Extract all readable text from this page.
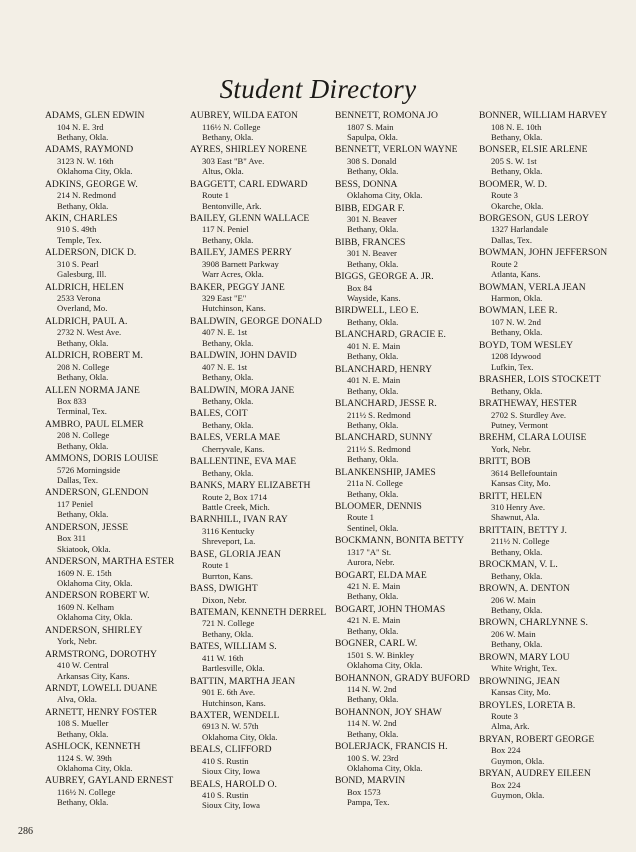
Student Directory
ADAMS, GLEN EDWIN
104 N. E. 3rd
Bethany, Okla.
ADAMS, RAYMOND
3123 N. W. 16th
Oklahoma City, Okla.
ADKINS, GEORGE W.
214 N. Redmond
Bethany, Okla.
AKIN, CHARLES
910 S. 49th
Temple, Tex.
ALDERSON, DICK D.
310 S. Pearl
Galesburg, Ill.
ALDRICH, HELEN
2533 Verona
Overland, Mo.
ALDRICH, PAUL A.
2732 N. West Ave.
Bethany, Okla.
ALDRICH, ROBERT M.
208 N. College
Bethany, Okla.
ALLEN NORMA JANE
Box 833
Terminal, Tex.
AMBRO, PAUL ELMER
208 N. College
Bethany, Okla.
AMMONS, DORIS LOUISE
5726 Morningside
Dallas, Tex.
ANDERSON, GLENDON
117 Peniel
Bethany, Okla.
ANDERSON, JESSE
Box 311
Skiatook, Okla.
ANDERSON, MARTHA ESTER
1609 N. E. 15th
Oklahoma City, Okla.
ANDERSON ROBERT W.
1609 N. Kelham
Oklahoma City, Okla.
ANDERSON, SHIRLEY
York, Nebr.
ARMSTRONG, DOROTHY
410 W. Central
Arkansas City, Kans.
ARNDT, LOWELL DUANE
Alva, Okla.
ARNETT, HENRY FOSTER
108 S. Mueller
Bethany, Okla.
ASHLOCK, KENNETH
1124 S. W. 39th
Oklahoma City, Okla.
AUBREY, GAYLAND ERNEST
116½ N. College
Bethany, Okla.
AUBREY, WILDA EATON
116½ N. College
Bethany, Okla.
AYRES, SHIRLEY NORENE
303 East "B" Ave.
Altus, Okla.
BAGGETT, CARL EDWARD
Route 1
Bentonville, Ark.
BAILEY, GLENN WALLACE
117 N. Peniel
Bethany, Okla.
BAILEY, JAMES PERRY
3908 Barnett Parkway
Warr Acres, Okla.
BAKER, PEGGY JANE
329 East "E"
Hutchinson, Kans.
BALDWIN, GEORGE DONALD
407 N. E. 1st
Bethany, Okla.
BALDWIN, JOHN DAVID
407 N. E. 1st
Bethany, Okla.
BALDWIN, MORA JANE
Bethany, Okla.
BALES, COIT
Bethany, Okla.
BALES, VERLA MAE
Cherryvale, Kans.
BALLENTINE, EVA MAE
Bethany, Okla.
BANKS, MARY ELIZABETH
Route 2, Box 1714
Battle Creek, Mich.
BARNHILL, IVAN RAY
3116 Kentucky
Shreveport, La.
BASE, GLORIA JEAN
Route 1
Burrton, Kans.
BASS, DWIGHT
Dixon, Nebr.
BATEMAN, KENNETH DERREL
721 N. College
Bethany, Okla.
BATES, WILLIAM S.
411 W. 16th
Bartlesville, Okla.
BATTIN, MARTHA JEAN
901 E. 6th Ave.
Hutchinson, Kans.
BAXTER, WENDELL
6913 N. W. 57th
Oklahoma City, Okla.
BEALS, CLIFFORD
410 S. Rustin
Sioux City, Iowa
BEALS, HAROLD O.
410 S. Rustin
Sioux City, Iowa
BENNETT, ROMONA JO
1807 S. Main
Sapulpa, Okla.
BENNETT, VERLON WAYNE
308 S. Donald
Bethany, Okla.
BESS, DONNA
Oklahoma City, Okla.
BIBB, EDGAR F.
301 N. Beaver
Bethany, Okla.
BIBB, FRANCES
301 N. Beaver
Bethany, Okla.
BIGGS, GEORGE A. JR.
Box 84
Wayside, Kans.
BIRDWELL, LEO E.
Bethany, Okla.
BLANCHARD, GRACIE E.
401 N. E. Main
Bethany, Okla.
BLANCHARD, HENRY
401 N. E. Main
Bethany, Okla.
BLANCHARD, JESSE R.
211½ S. Redmond
Bethany, Okla.
BLANCHARD, SUNNY
211½ S. Redmond
Bethany, Okla.
BLANKENSHIP, JAMES
211a N. College
Bethany, Okla.
BLOOMER, DENNIS
Route 1
Sentinel, Okla.
BOCKMANN, BONITA BETTY
1317 "A" St.
Aurora, Nebr.
BOGART, ELDA MAE
421 N. E. Main
Bethany, Okla.
BOGART, JOHN THOMAS
421 N. E. Main
Bethany, Okla.
BOGNER, CARL W.
1501 S. W. Binkley
Oklahoma City, Okla.
BOHANNON, GRADY BUFORD
114 N. W. 2nd
Bethany, Okla.
BOHANNON, JOY SHAW
114 N. W. 2nd
Bethany, Okla.
BOLERJACK, FRANCIS H.
100 S. W. 23rd
Oklahoma City, Okla.
BOND, MARVIN
Box 1573
Pampa, Tex.
BONNER, WILLIAM HARVEY
108 N. E. 10th
Bethany, Okla.
BONSER, ELSIE ARLENE
205 S. W. 1st
Bethany, Okla.
BOOMER, W. D.
Route 3
Okarche, Okla.
BORGESON, GUS LEROY
1327 Harlandale
Dallas, Tex.
BOWMAN, JOHN JEFFERSON
Route 2
Atlanta, Kans.
BOWMAN, VERLA JEAN
Harmon, Okla.
BOWMAN, LEE R.
107 N. W. 2nd
Bethany, Okla.
BOYD, TOM WESLEY
1208 Idywood
Lufkin, Tex.
BRASHER, LOIS STOCKETT
Bethany, Okla.
BRATHEWAY, HESTER
2702 S. Sturdley Ave.
Putney, Vermont
BREHM, CLARA LOUISE
York, Nebr.
BRITT, BOB
3614 Bellefountain
Kansas City, Mo.
BRITT, HELEN
310 Henry Ave.
Shawnut, Ala.
BRITTAIN, BETTY J.
211½ N. College
Bethany, Okla.
BROCKMAN, V. L.
Bethany, Okla.
BROWN, A. DENTON
206 W. Main
Bethany, Okla.
BROWN, CHARLYNNE S.
206 W. Main
Bethany, Okla.
BROWN, MARY LOU
White Wright, Tex.
BROWNING, JEAN
Kansas City, Mo.
BROYLES, LORETA B.
Route 3
Alma, Ark.
BRYAN, ROBERT GEORGE
Box 224
Guymon, Okla.
BRYAN, AUDREY EILEEN
Box 224
Guymon, Okla.
286
